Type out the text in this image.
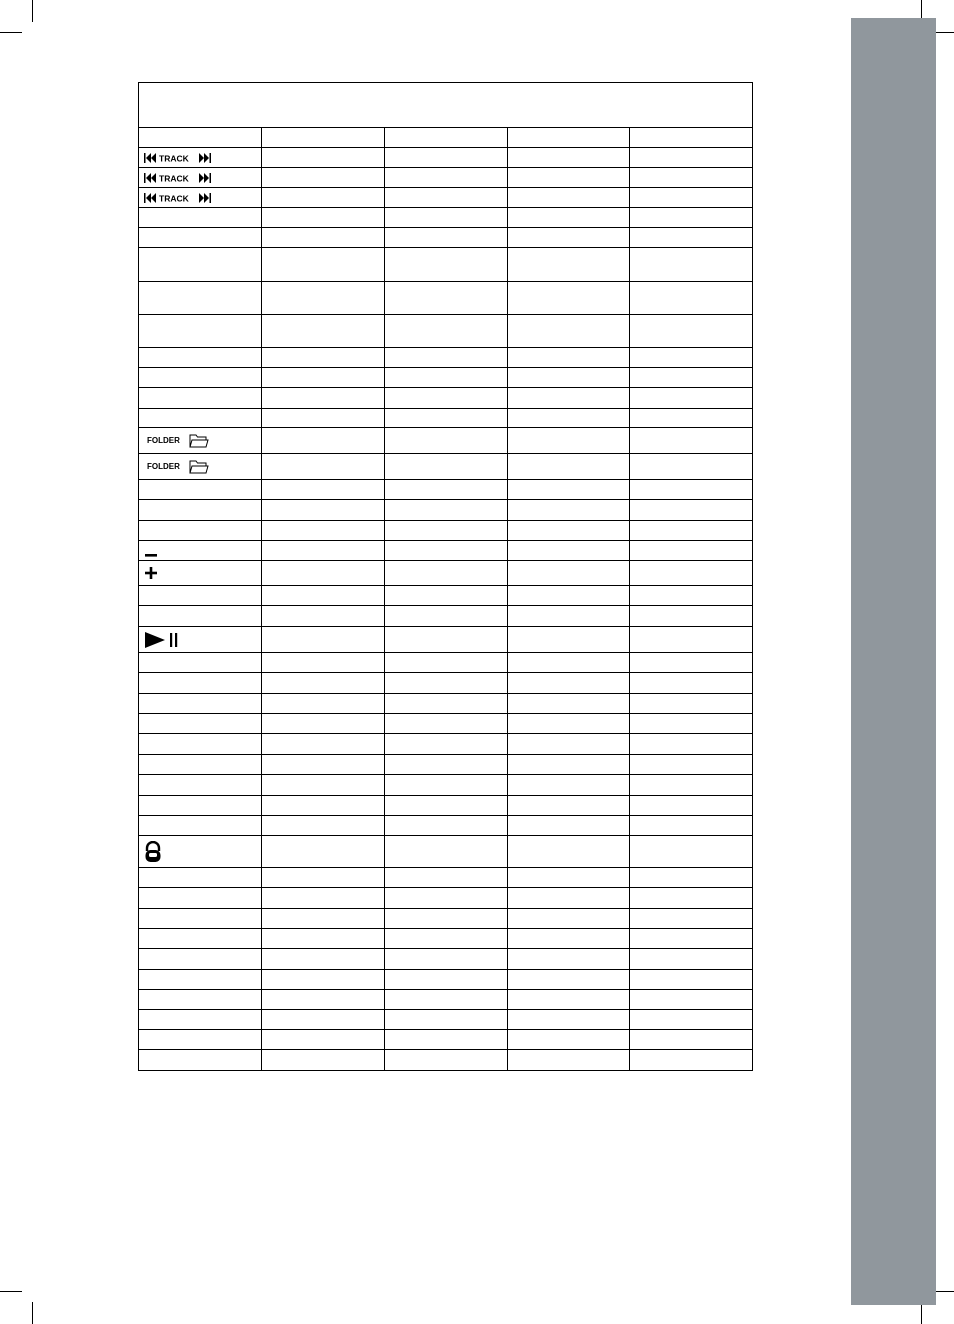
TRACK
TRACK
TRACK
FOLDER
FOLDER
